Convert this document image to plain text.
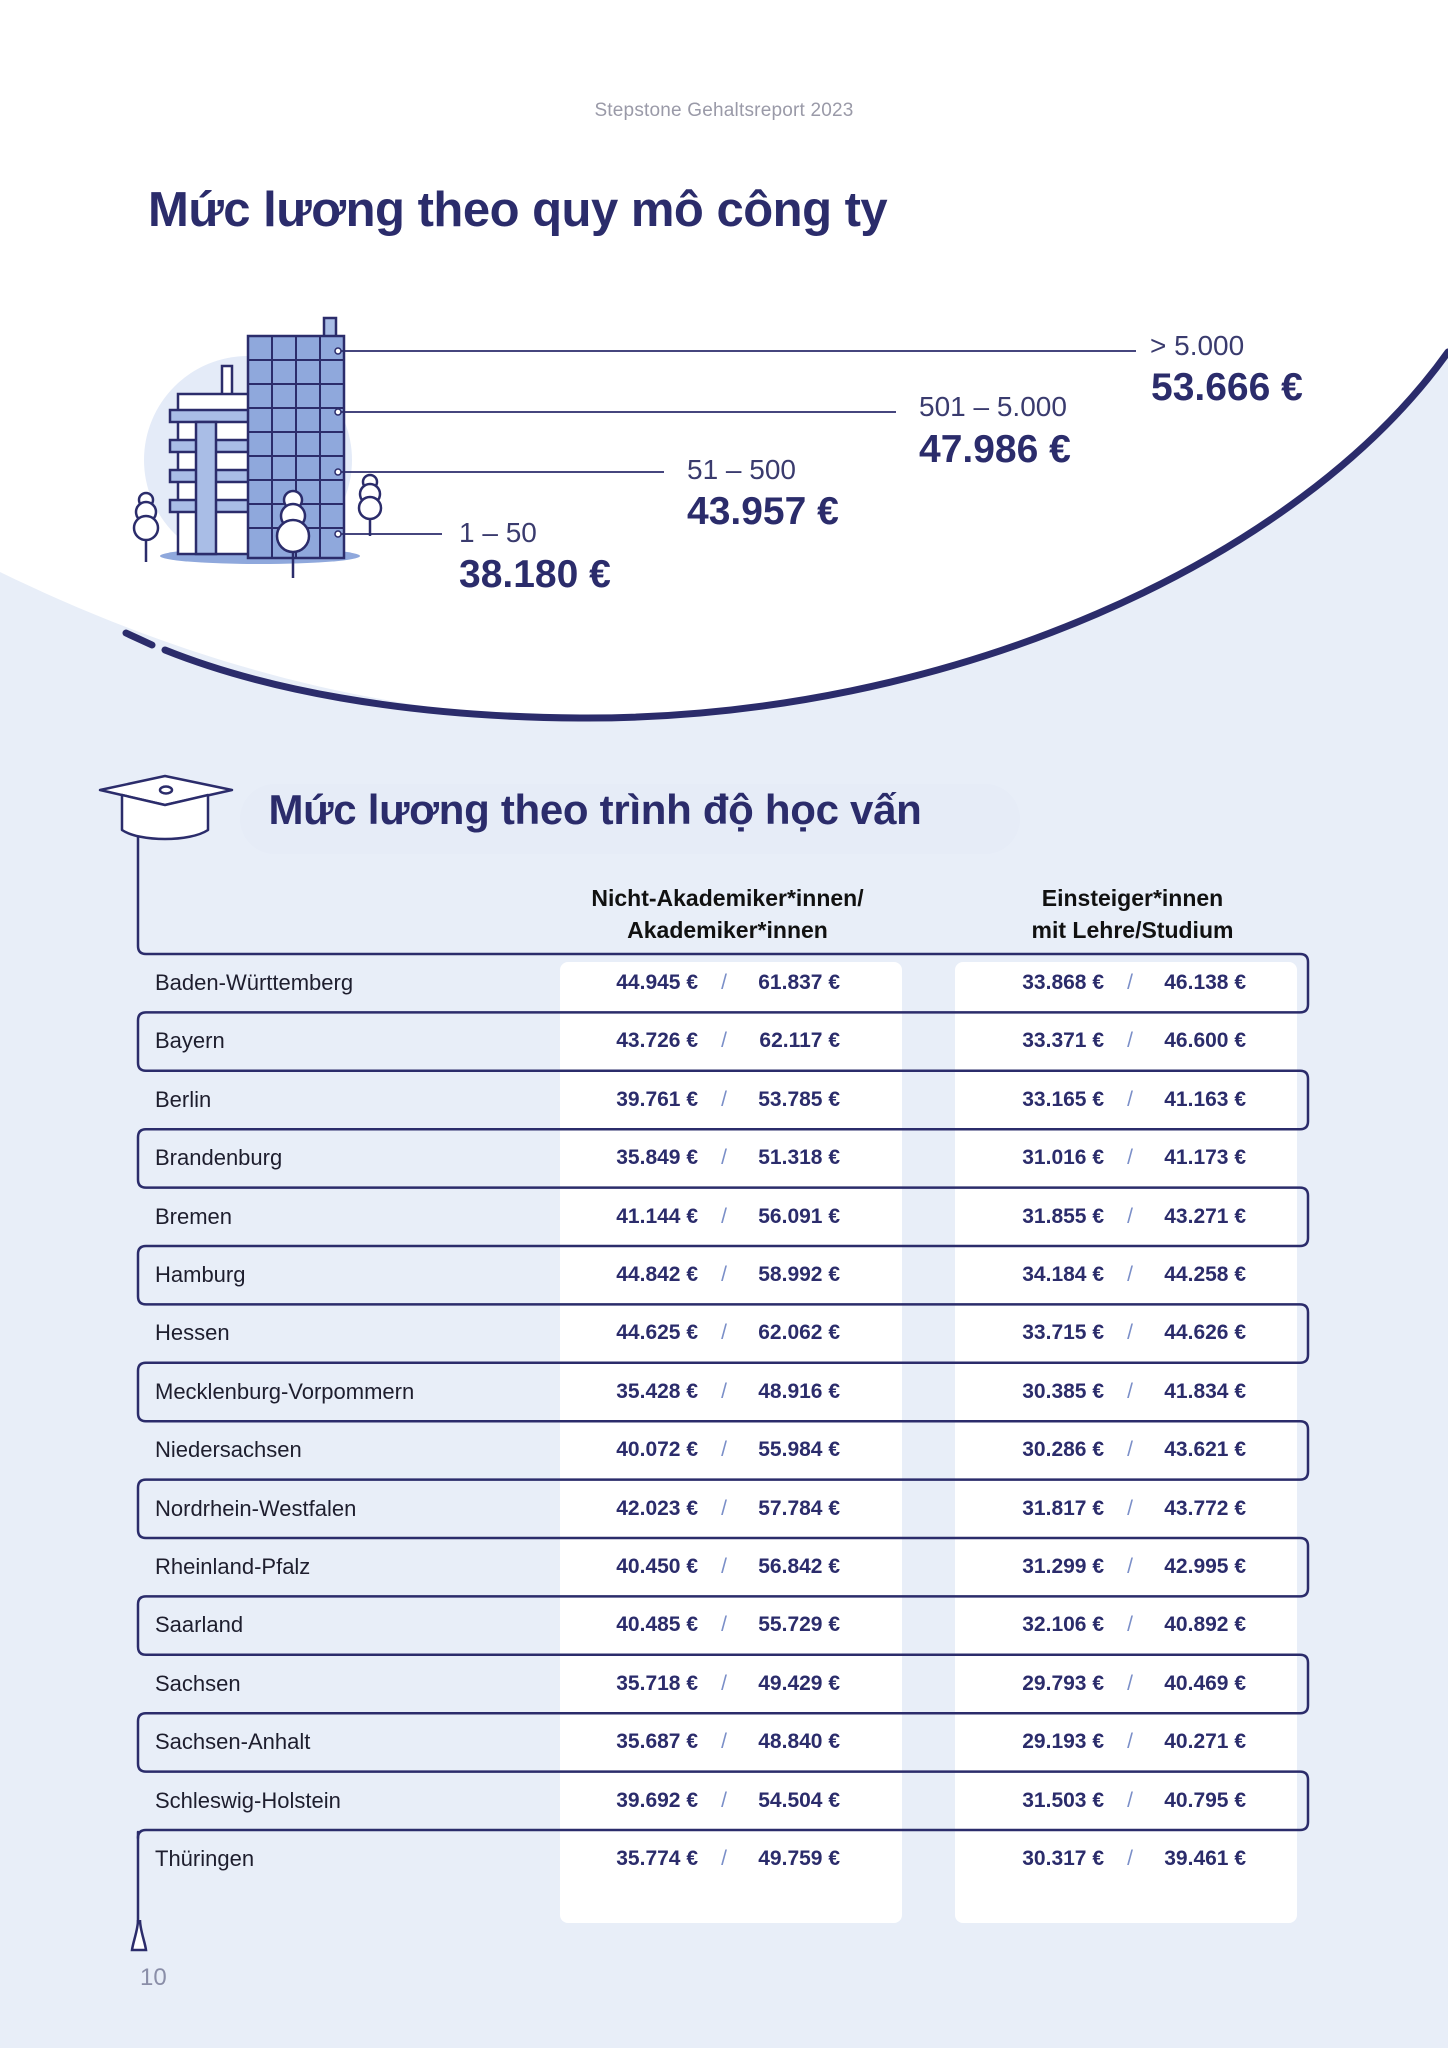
Stepstone Gehaltsreport 2023
Mức lương theo quy mô công ty
> 5.000
53.666 €
501 – 5.000
47.986 €
51 – 500
43.957 €
1 – 50
38.180 €
Mức lương theo trình độ học vấn
Nicht-Akademiker*innen/
Akademiker*innen
Einsteiger*innen
mit Lehre/Studium
Baden-Württemberg	44.945 €	61.837 €	33.868 €	46.138 €
/	/
Bayern	43.726 €	62.117 €	33.371 €	46.600 €
/	/
Berlin	39.761 €	53.785 €	33.165 €	41.163 €
/	/
Brandenburg	35.849 €	51.318 €	31.016 €	41.173 €
/	/
Bremen	41.144 €	56.091 €	31.855 €	43.271 €
/	/
Hamburg	44.842 €	58.992 €	34.184 €	44.258 €
/	/
Hessen	44.625 €	62.062 €	33.715 €	44.626 €
/	/
Mecklenburg-Vorpommern	35.428 €	48.916 €	30.385 €	41.834 €
/	/
Niedersachsen	40.072 €	55.984 €	30.286 €	43.621 €
/	/
Nordrhein-Westfalen	42.023 €	57.784 €	31.817 €	43.772 €
/	/
Rheinland-Pfalz	40.450 €	56.842 €	31.299 €	42.995 €
/	/
Saarland	40.485 €	55.729 €	32.106 €	40.892 €
/	/
Sachsen	35.718 €	49.429 €	29.793 €	40.469 €
/	/
Sachsen-Anhalt	35.687 €	48.840 €	29.193 €	40.271 €
/	/
Schleswig-Holstein	39.692 €	54.504 €	31.503 €	40.795 €
/	/
Thüringen	35.774 €	49.759 €	30.317 €	39.461 €
/	/
10
